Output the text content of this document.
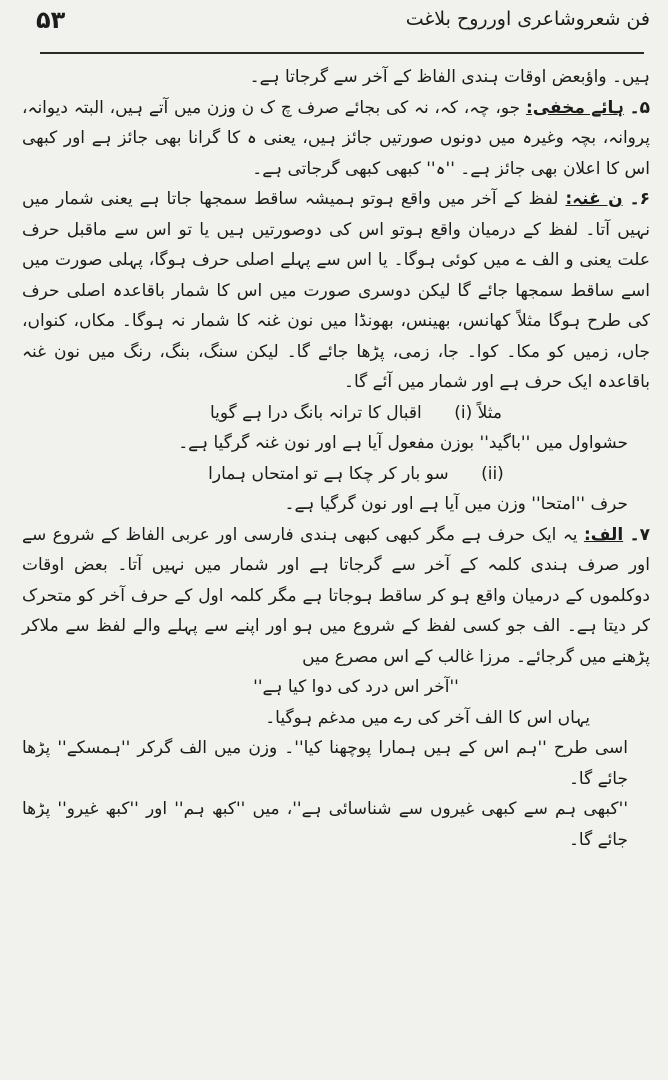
فن شعروشاعری اورروح بلاغت
۵۳

ہیں۔ واؤبعض اوقات ہندی الفاظ کے آخر سے گرجاتا ہے۔

۵۔ ہائے مخفی: جو، چہ، کہ، نہ کی بجائے صرف چ ک ن وزن میں آتے ہیں، البتہ دیوانہ، پروانہ، بچہ وغیرہ میں دونوں صورتیں جائز ہیں، یعنی ہ کا گرانا بھی جائز ہے اور کبھی اس کا اعلان بھی جائز ہے۔ ''ہ'' کبھی کبھی گرجاتی ہے۔

۶۔ ن غنہ: لفظ کے آخر میں واقع ہوتو ہمیشہ ساقط سمجھا جاتا ہے یعنی شمار میں نہیں آتا۔ لفظ کے درمیان واقع ہوتو اس کی دوصورتیں ہیں یا تو اس سے ماقبل حرف علت یعنی و الف ے میں کوئی ہوگا۔ یا اس سے پہلے اصلی حرف ہوگا، پہلی صورت میں اسے ساقط سمجھا جائے گا لیکن دوسری صورت میں اس کا شمار باقاعدہ اصلی حرف کی طرح ہوگا مثلاً کھانس، بھینس، بھونڈا میں نون غنہ کا شمار نہ ہوگا۔ مکاں، کنواں، جاں، زمیں کو مکا۔ کوا۔ جا، زمی، پڑھا جائے گا۔ لیکن سنگ، بنگ، رنگ میں نون غنہ باقاعدہ ایک حرف ہے اور شمار میں آئے گا۔

مثلاً (i)      اقبال کا ترانہ بانگ درا ہے گویا

حشواول میں ''باگید'' بوزن مفعول آیا ہے اور نون غنہ گرگیا ہے۔

(ii)      سو بار کر چکا ہے تو امتحاں ہمارا

حرف ''امتحا'' وزن میں آیا ہے اور نون گرگیا ہے۔

۷۔ الف: یہ ایک حرف ہے مگر کبھی کبھی ہندی فارسی اور عربی الفاظ کے شروع سے اور صرف ہندی کلمہ کے آخر سے گرجاتا ہے اور شمار میں نہیں آتا۔ بعض اوقات دوکلموں کے درمیان واقع ہو کر ساقط ہوجاتا ہے مگر کلمہ اول کے حرف آخر کو متحرک کر دیتا ہے۔ الف جو کسی لفظ کے شروع میں ہو اور اپنے سے پہلے والے لفظ سے ملاکر پڑھنے میں گرجائے۔ مرزا غالب کے اس مصرع میں

''آخر اس درد کی دوا کیا ہے''

یہاں اس کا الف آخر کی رے میں مدغم ہوگیا۔

اسی طرح ''ہم اس کے ہیں ہمارا پوچھنا کیا''۔ وزن میں الف گرکر ''ہمسکے'' پڑھا جائے گا۔

''کبھی ہم سے کبھی غیروں سے شناسائی ہے''، میں ''کبھ ہم'' اور ''کبھ غیرو'' پڑھا جائے گا۔
